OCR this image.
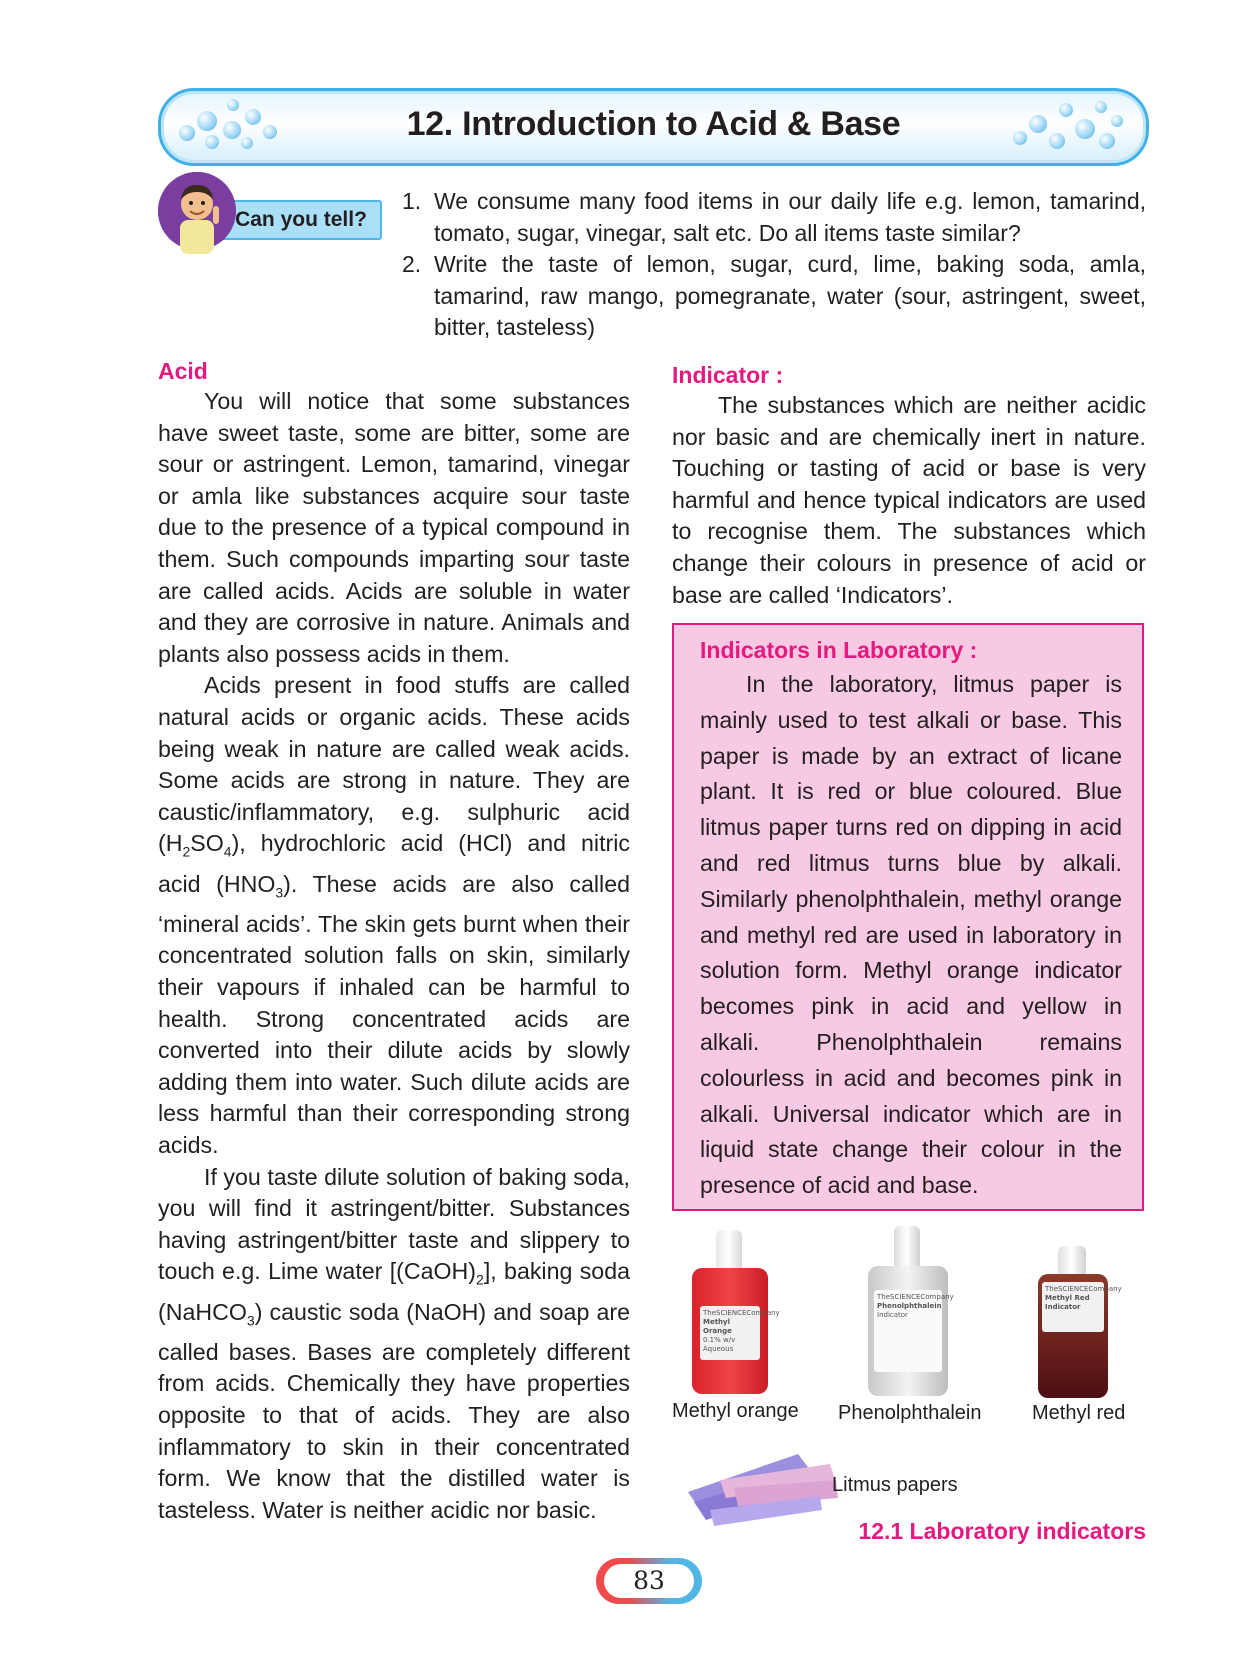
12. Introduction to Acid & Base
Can you tell?
1. We consume many food items in our daily life e.g. lemon, tamarind, tomato, sugar, vinegar, salt etc. Do all items taste similar?
2. Write the taste of lemon, sugar, curd, lime, baking soda, amla, tamarind, raw mango, pomegranate, water (sour, astringent, sweet, bitter, tasteless)
Acid

You will notice that some substances have sweet taste, some are bitter, some are sour or astringent. Lemon, tamarind, vinegar or amla like substances acquire sour taste due to the presence of a typical compound in them. Such compounds imparting sour taste are called acids. Acids are soluble in water and they are corrosive in nature. Animals and plants also possess acids in them.

Acids present in food stuffs are called natural acids or organic acids. These acids being weak in nature are called weak acids. Some acids are strong in nature. They are caustic/inflammatory, e.g. sulphuric acid $(H_2SO_4)$, hydrochloric acid (HCl) and nitric acid $(HNO_3)$. These acids are also called ‘mineral acids’. The skin gets burnt when their concentrated solution falls on skin, similarly their vapours if inhaled can be harmful to health. Strong concentrated acids are converted into their dilute acids by slowly adding them into water. Such dilute acids are less harmful than their corresponding strong acids.

If you taste dilute solution of baking soda, you will find it astringent/bitter. Substances having astringent/bitter taste and slippery to touch e.g. Lime water $[(CaOH)_2]$, baking soda (NaHCO$_3$) caustic soda (NaOH) and soap are called bases. Bases are completely different from acids. Chemically they have properties opposite to that of acids. They are also inflammatory to skin in their concentrated form. We know that the distilled water is tasteless. Water is neither acidic nor basic.

Indicator :

The substances which are neither acidic nor basic and are chemically inert in nature. Touching or tasting of acid or base is very harmful and hence typical indicators are used to recognise them. The substances which change their colours in presence of acid or base are called ‘Indicators’.

Indicators in Laboratory :

In the laboratory, litmus paper is mainly used to test alkali or base. This paper is made by an extract of licane plant. It is red or blue coloured. Blue litmus paper turns red on dipping in acid and red litmus turns blue by alkali. Similarly phenolphthalein, methyl orange and methyl red are used in laboratory in solution form. Methyl orange indicator becomes pink in acid and yellow in alkali. Phenolphthalein remains colourless in acid and becomes pink in alkali. Universal indicator which are in liquid state change their colour in the presence of acid and base.

TheSCIENCECompany
Methyl Orange
0.1% w/v Aqueous
TheSCIENCECompany
Phenolphthalein
Indicator
TheSCIENCECompany
Methyl Red Indicator
Methyl orange Phenolphthalein	Methyl red
Litmus papers
12.1 Laboratory indicators
83
